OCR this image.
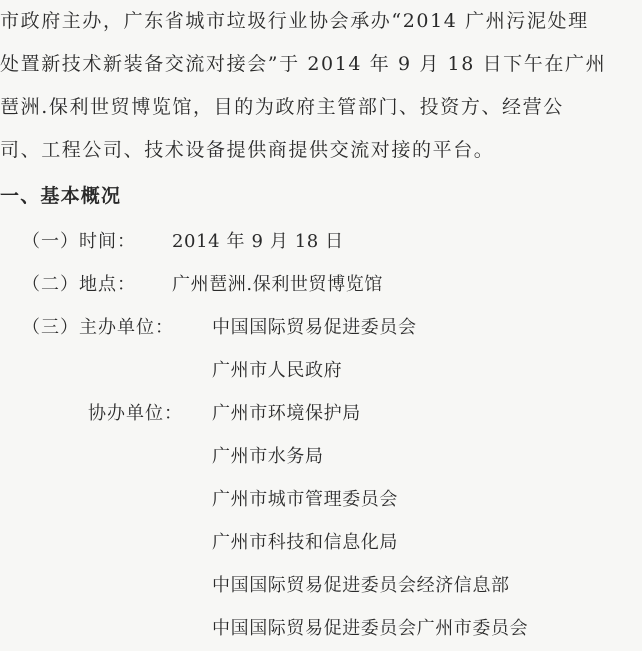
市政府主办，广东省城市垃圾行业协会承办“2014 广州污泥处理
处置新技术新装备交流对接会”于 2014 年 9 月 18 日下午在广州
琶洲.保利世贸博览馆，目的为政府主管部门、投资方、经营公
司、工程公司、技术设备提供商提供交流对接的平台。
一、基本概况
（一）时间： 2014 年 9 月 18 日
（二）地点： 广州琶洲.保利世贸博览馆
（三）主办单位： 中国国际贸易促进委员会
广州市人民政府
协办单位： 广州市环境保护局
广州市水务局
广州市城市管理委员会
广州市科技和信息化局
中国国际贸易促进委员会经济信息部
中国国际贸易促进委员会广州市委员会
